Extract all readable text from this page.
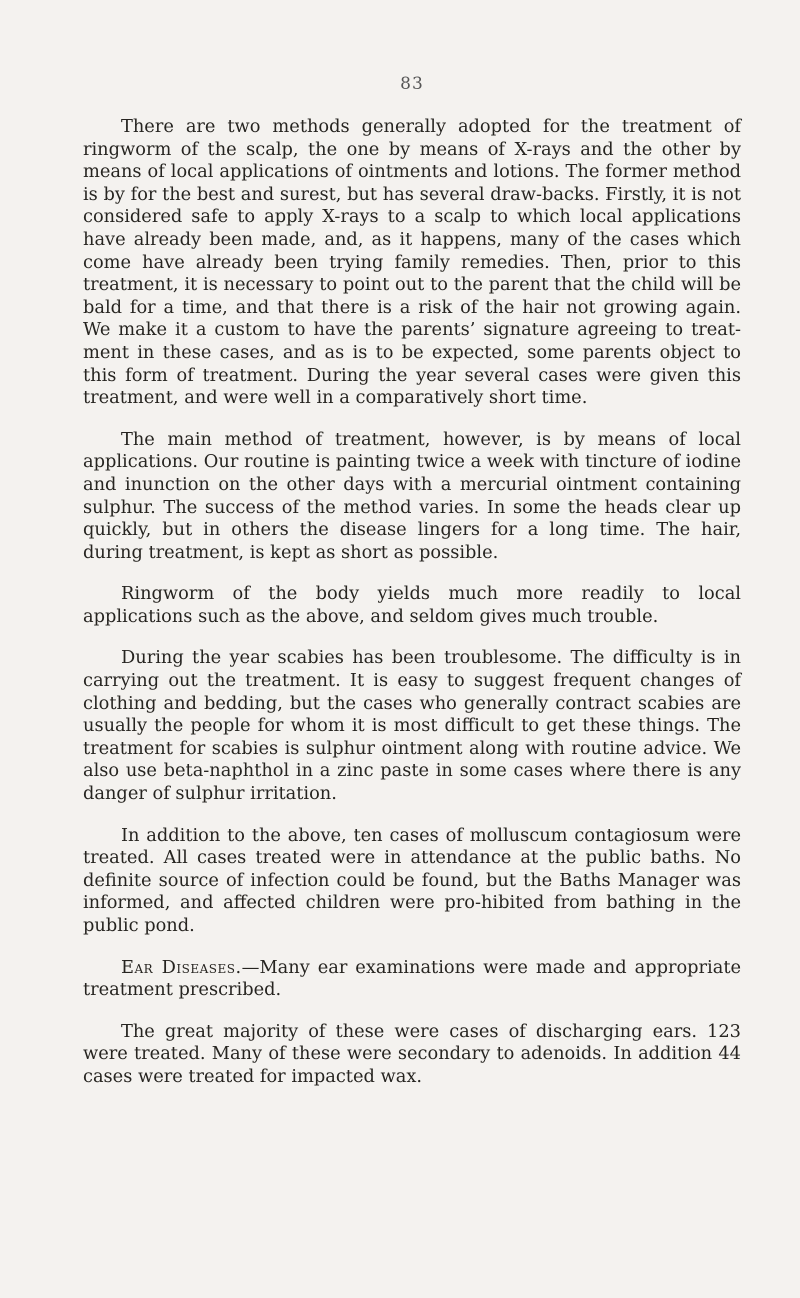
83

There are two methods generally adopted for the treatment of ringworm of the scalp, the one by means of X-rays and the other by means of local applications of ointments and lotions. The former method is by for the best and surest, but has several draw-backs. Firstly, it is not considered safe to apply X-rays to a scalp to which local applications have already been made, and, as it happens, many of the cases which come have already been trying family remedies. Then, prior to this treatment, it is necessary to point out to the parent that the child will be bald for a time, and that there is a risk of the hair not growing again. We make it a custom to have the parents’ signature agreeing to treat-ment in these cases, and as is to be expected, some parents object to this form of treatment. During the year several cases were given this treatment, and were well in a comparatively short time.

The main method of treatment, however, is by means of local applications. Our routine is painting twice a week with tincture of iodine and inunction on the other days with a mercurial ointment containing sulphur. The success of the method varies. In some the heads clear up quickly, but in others the disease lingers for a long time. The hair, during treatment, is kept as short as possible.

Ringworm of the body yields much more readily to local applications such as the above, and seldom gives much trouble.

During the year scabies has been troublesome. The difficulty is in carrying out the treatment. It is easy to suggest frequent changes of clothing and bedding, but the cases who generally contract scabies are usually the people for whom it is most difficult to get these things. The treatment for scabies is sulphur ointment along with routine advice. We also use beta-naphthol in a zinc paste in some cases where there is any danger of sulphur irritation.

In addition to the above, ten cases of molluscum contagiosum were treated. All cases treated were in attendance at the public baths. No definite source of infection could be found, but the Baths Manager was informed, and affected children were pro-hibited from bathing in the public pond.

Ear Diseases.—Many ear examinations were made and appropriate treatment prescribed.

The great majority of these were cases of discharging ears. 123 were treated. Many of these were secondary to adenoids. In addition 44 cases were treated for impacted wax.
